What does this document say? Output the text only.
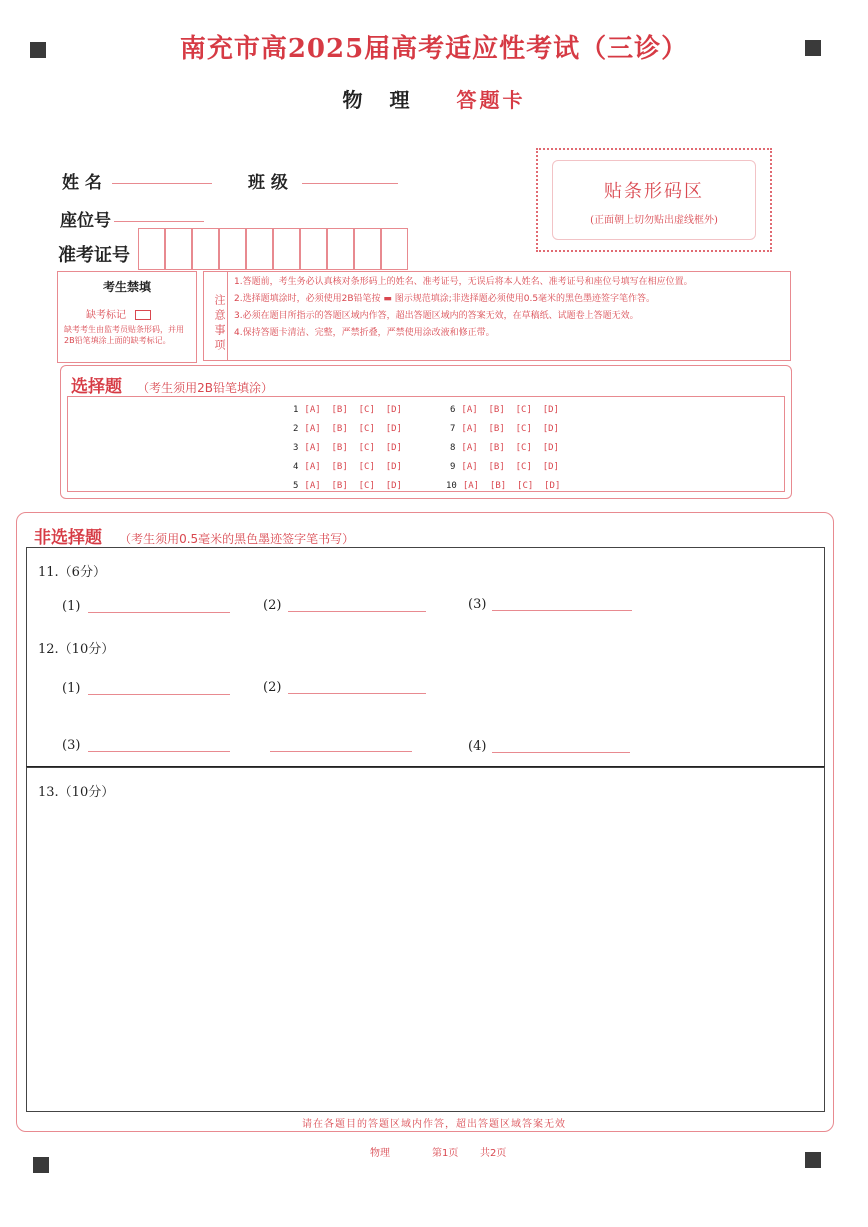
南充市高2025届高考适应性考试（三诊）
物 理 答题卡
姓 名	班 级
座位号
准考证号
贴条形码区
(正面朝上切勿贴出虚线框外)
考生禁填
缺考标记
缺考考生由监考员贴条形码，并用2B铅笔填涂上面的缺考标记。	注意事项
1.答题前，考生务必认真核对条形码上的姓名、准考证号，无误后将本人姓名、准考证号和座位号填写在相应位置。
2.选择题填涂时，必须使用2B铅笔按 ▬ 图示规范填涂;非选择题必须使用0.5毫米的黑色墨迹签字笔作答。
3.必须在题目所指示的答题区域内作答，超出答题区域内的答案无效，在草稿纸、试题卷上答题无效。
4.保持答题卡清洁、完整，严禁折叠，严禁使用涂改液和修正带。
选择题 （考生须用2B铅笔填涂）
1 [A]  [B]  [C]  [D]
2 [A]  [B]  [C]  [D]
3 [A]  [B]  [C]  [D]
4 [A]  [B]  [C]  [D]
5 [A]  [B]  [C]  [D]
6 [A]  [B]  [C]  [D]
7 [A]  [B]  [C]  [D]
8 [A]  [B]  [C]  [D]
9 [A]  [B]  [C]  [D]
10 [A]  [B]  [C]  [D]
非选择题 （考生须用0.5毫米的黑色墨迹签字笔书写）
11.（6分）
(1)	(2)	(3)
12.（10分）
(1)	(2)
(3)	(4)
13.（10分）
请在各题目的答题区域内作答，超出答题区域答案无效
物理	第1页 共2页
